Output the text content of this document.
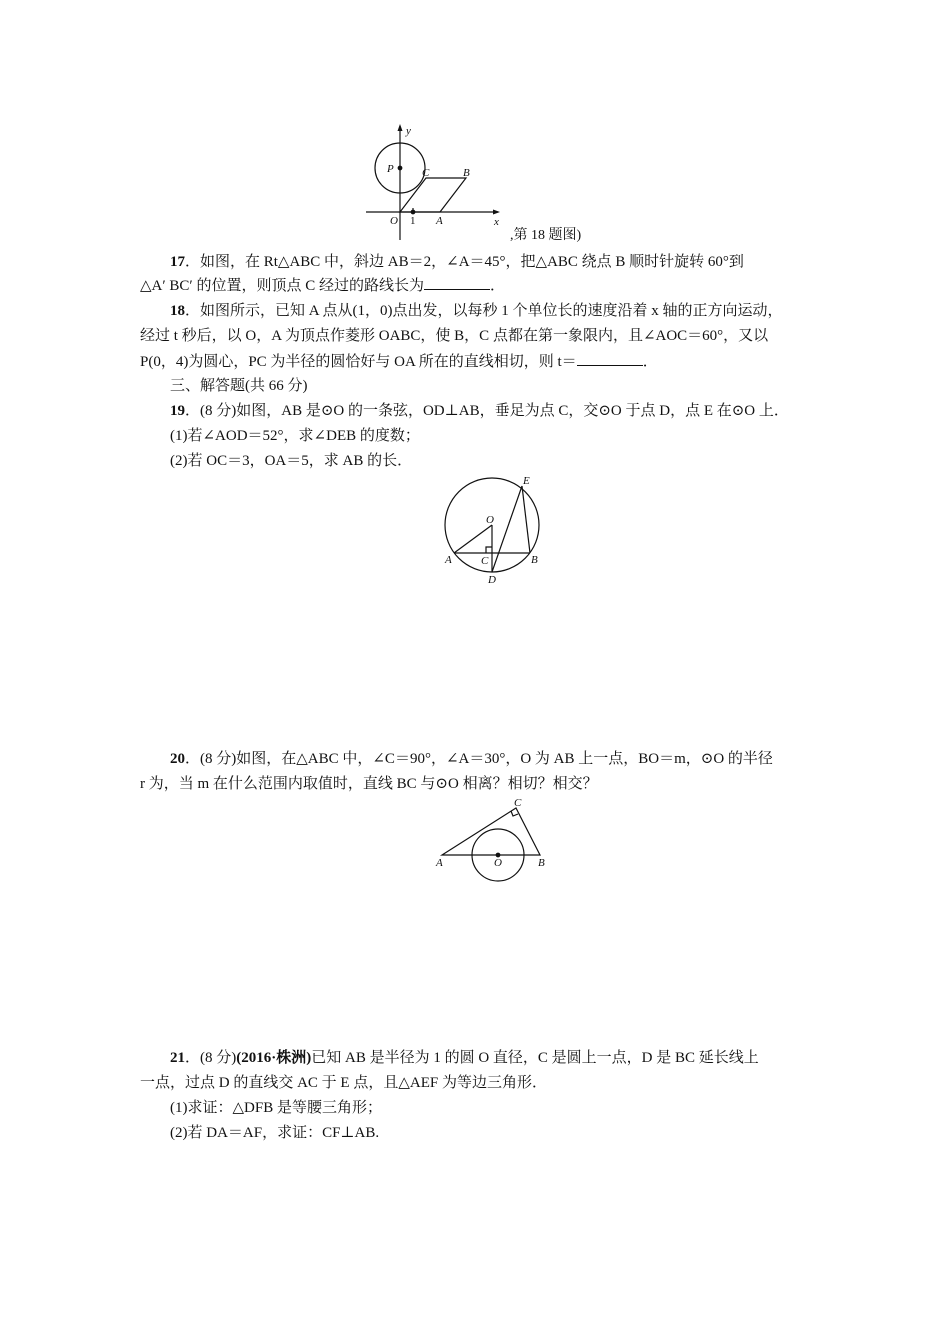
y
x
P	C	B
O 1 A
,第 18 题图)
17．如图，在 Rt△ABC 中，斜边 AB＝2，∠A＝45°，把△ABC 绕点 B 顺时针旋转 60°到
△A′ BC′ 的位置，则顶点 C 经过的路线长为	．
18．如图所示，已知 A 点从(1，0)点出发，以每秒 1 个单位长的速度沿着 x 轴的正方向运动，
经过 t 秒后，以 O，A 为顶点作菱形 OABC，使 B，C 点都在第一象限内，且∠AOC＝60°，又以
P(0，4)为圆心，PC 为半径的圆恰好与 OA 所在的直线相切，则 t＝	．
三、解答题(共 66 分)
19．(8 分)如图，AB 是⊙O 的一条弦，OD⊥AB，垂足为点 C，交⊙O 于点 D，点 E 在⊙O 上．
(1)若∠AOD＝52°，求∠DEB 的度数；
(2)若 OC＝3，OA＝5，求 AB 的长．
E
O
A	C	B
D
20．(8 分)如图，在△ABC 中，∠C＝90°，∠A＝30°，O 为 AB 上一点，BO＝m，⊙O 的半径
r 为，当 m 在什么范围内取值时，直线 BC 与⊙O 相离？相切？相交？
C
A	O	B
21．(8 分)(2016·株洲)已知 AB 是半径为 1 的圆 O 直径，C 是圆上一点，D 是 BC 延长线上
一点，过点 D 的直线交 AC 于 E 点，且△AEF 为等边三角形．
(1)求证：△DFB 是等腰三角形；
(2)若 DA＝AF，求证：CF⊥AB.
